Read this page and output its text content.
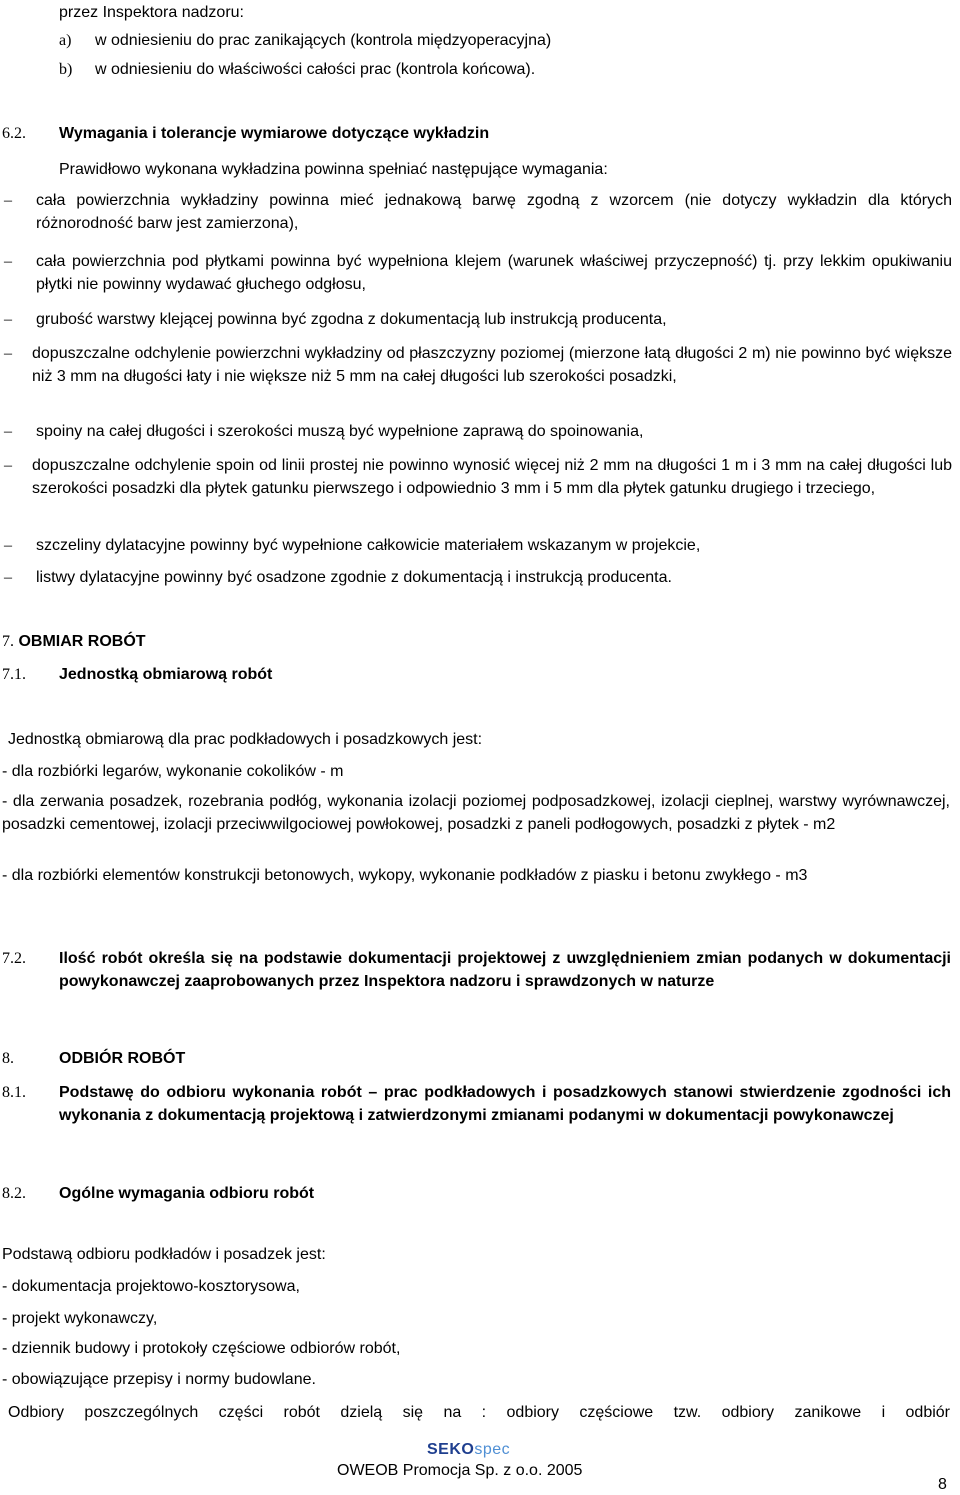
przez Inspektora nadzoru:
a) w odniesieniu do prac zanikających (kontrola międzyoperacyjna)
b) w odniesieniu do właściwości całości prac (kontrola końcowa).
6.2. Wymagania i tolerancje wymiarowe dotyczące wykładzin
Prawidłowo wykonana wykładzina powinna spełniać następujące wymagania:
– cała powierzchnia wykładziny powinna mieć jednakową barwę zgodną z wzorcem (nie dotyczy wykładzin dla których różnorodność barw jest zamierzona),
– cała powierzchnia pod płytkami powinna być wypełniona klejem (warunek właściwej przyczepność) tj. przy lekkim opukiwaniu płytki nie powinny wydawać głuchego odgłosu,
– grubość warstwy klejącej powinna być zgodna z dokumentacją lub instrukcją producenta,
– dopuszczalne odchylenie powierzchni wykładziny od płaszczyzny poziomej (mierzone łatą długości 2 m) nie powinno być większe niż 3 mm na długości łaty i nie większe niż 5 mm na całej długości lub szerokości posadzki,
– spoiny na całej długości i szerokości muszą być wypełnione zaprawą do spoinowania,
– dopuszczalne odchylenie spoin od linii prostej nie powinno wynosić więcej niż 2 mm na długości 1 m i 3 mm na całej długości lub szerokości posadzki dla płytek gatunku pierwszego i odpowiednio 3 mm i 5 mm dla płytek gatunku drugiego i trzeciego,
– szczeliny dylatacyjne powinny być wypełnione całkowicie materiałem wskazanym w projekcie,
– listwy dylatacyjne powinny być osadzone zgodnie z dokumentacją i instrukcją producenta.
7. OBMIAR ROBÓT
7.1. Jednostką obmiarową robót
Jednostką obmiarową dla prac podkładowych i posadzkowych jest:
- dla rozbiórki legarów, wykonanie cokolików - m
- dla zerwania posadzek, rozebrania podłóg, wykonania izolacji poziomej podposadzkowej, izolacji cieplnej, warstwy wyrównawczej, posadzki cementowej, izolacji przeciwwilgociowej powłokowej, posadzki z paneli podłogowych, posadzki z płytek - m2
- dla rozbiórki elementów konstrukcji betonowych, wykopy, wykonanie podkładów z piasku i betonu zwykłego - m3
7.2. Ilość robót określa się na podstawie dokumentacji projektowej z uwzględnieniem zmian podanych w dokumentacji powykonawczej zaaprobowanych przez Inspektora nadzoru i sprawdzonych w naturze
8.	ODBIÓR ROBÓT
8.1. Podstawę do odbioru wykonania robót – prac podkładowych i posadzkowych stanowi stwierdzenie zgodności ich wykonania z dokumentacją projektową i zatwierdzonymi zmianami podanymi w dokumentacji powykonawczej
8.2. Ogólne wymagania odbioru robót
Podstawą odbioru podkładów i posadzek jest:
- dokumentacja projektowo-kosztorysowa,
- projekt wykonawczy,
- dziennik budowy i protokoły częściowe odbiorów robót,
- obowiązujące przepisy i normy budowlane.
Odbiory poszczególnych części robót dzielą się na : odbiory częściowe tzw. odbiory zanikowe i odbiór
SEKOspec
OWEOB Promocja Sp. z o.o. 2005
8
